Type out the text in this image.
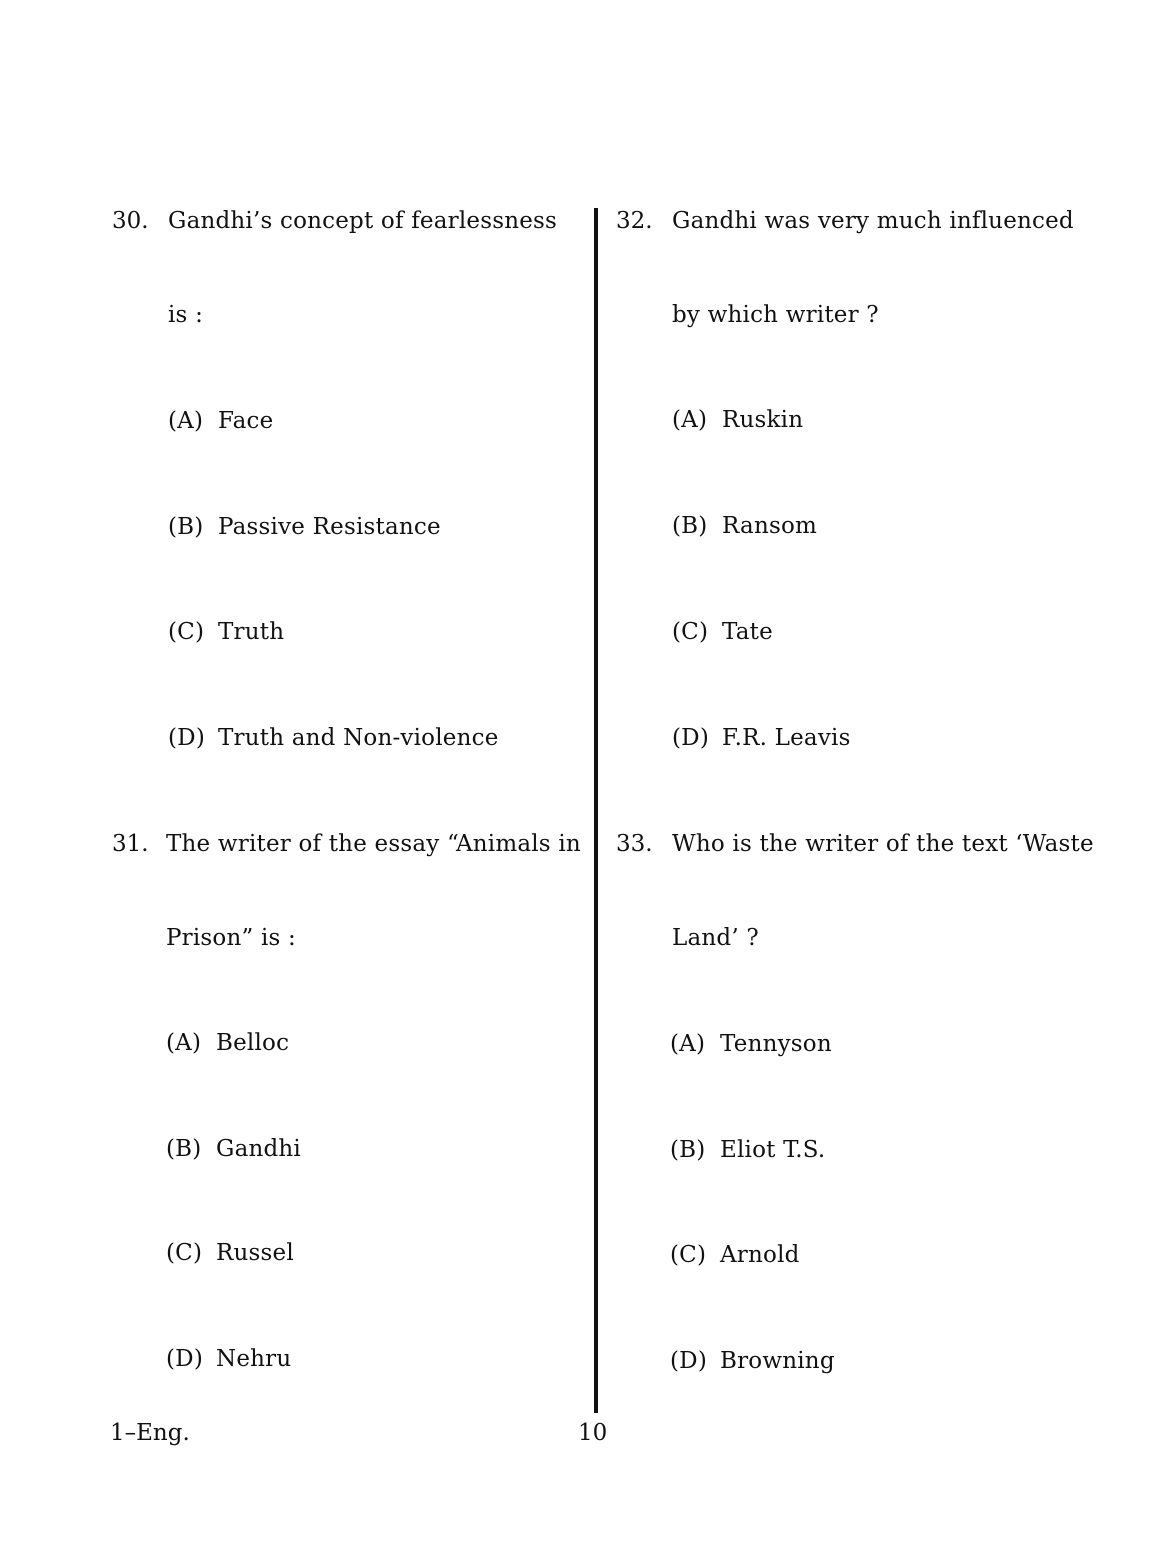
30. Gandhi’s concept of fearlessness
is :
(A) Face
(B) Passive Resistance
(C) Truth
(D) Truth and Non-violence
31. The writer of the essay “Animals in
Prison” is :
(A) Belloc
(B) Gandhi
(C) Russel
(D) Nehru
32. Gandhi was very much influenced
by which writer ?
(A) Ruskin
(B) Ransom
(C) Tate
(D) F.R. Leavis
33. Who is the writer of the text ‘Waste
Land’ ?
(A) Tennyson
(B) Eliot T.S.
(C) Arnold
(D) Browning
1–Eng.	10
